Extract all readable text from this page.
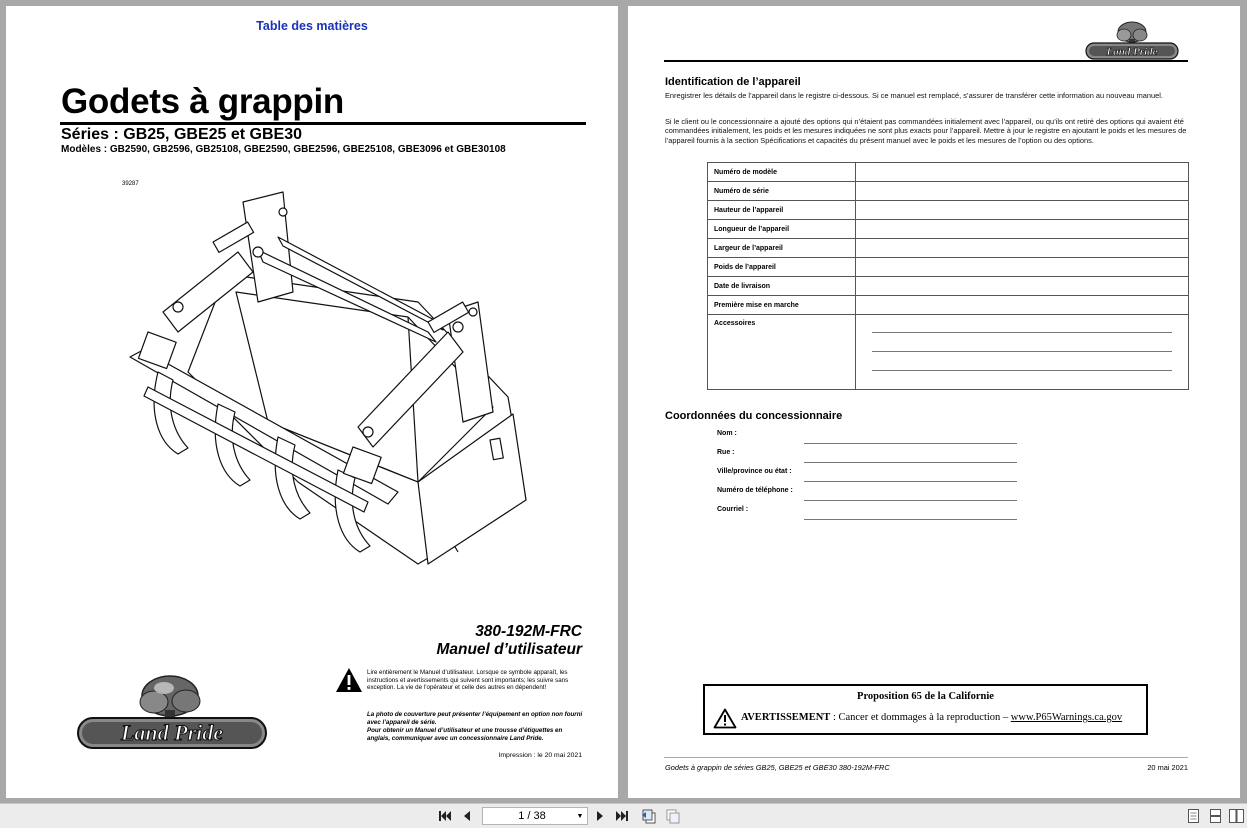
Table des matières
Godets à grappin
Séries : GB25, GBE25 et GBE30
Modèles : GB2590, GB2596, GB25108, GBE2590, GBE2596, GBE25108, GBE3096 et GBE30108
39287
380-192M-FRC
Manuel d’utilisateur
Lire entièrement le Manuel d’utilisateur. Lorsque ce symbole apparaît, les instructions et avertissements qui suivent sont importants; les suivre sans exception. La vie de l’opérateur et celle des autres en dépendent!
La photo de couverture peut présenter l’équipement en option non fourni avec l’appareil de série.
Pour obtenir un Manuel d’utilisateur et une trousse d’étiquettes en anglais, communiquer avec un concessionnaire Land Pride.
Impression : le 20 mai 2021
Land Pride
Land Pride
Identification de l’appareil
Enregistrer les détails de l’appareil dans le registre ci-dessous. Si ce manuel est remplacé, s’assurer de transférer cette information au nouveau manuel.
Si le client ou le concessionnaire a ajouté des options qui n’étaient pas commandées initialement avec l’appareil, ou qu’ils ont retiré des options qui avaient été commandées initialement, les poids et les mesures indiquées ne sont plus exacts pour l’appareil. Mettre à jour le registre en ajoutant le poids et les mesures de l’appareil fournis à la section Spécifications et capacités du présent manuel avec le poids et les mesures de l’option ou des options.
Numéro de modèle	
Numéro de série	
Hauteur de l’appareil	
Longueur de l’appareil	
Largeur de l’appareil	
Poids de l’appareil	
Date de livraison	
Première mise en marche	
Accessoires	
Coordonnées du concessionnaire
Nom :
Rue :
Ville/province ou état :
Numéro de téléphone :
Courriel :
Proposition 65 de la Californie
AVERTISSEMENT : Cancer et dommages à la reproduction – www.P65Warnings.ca.gov
Godets à grappin de séries GB25, GBE25 et GBE30 380-192M-FRC	20 mai 2021
1 / 38	▼
